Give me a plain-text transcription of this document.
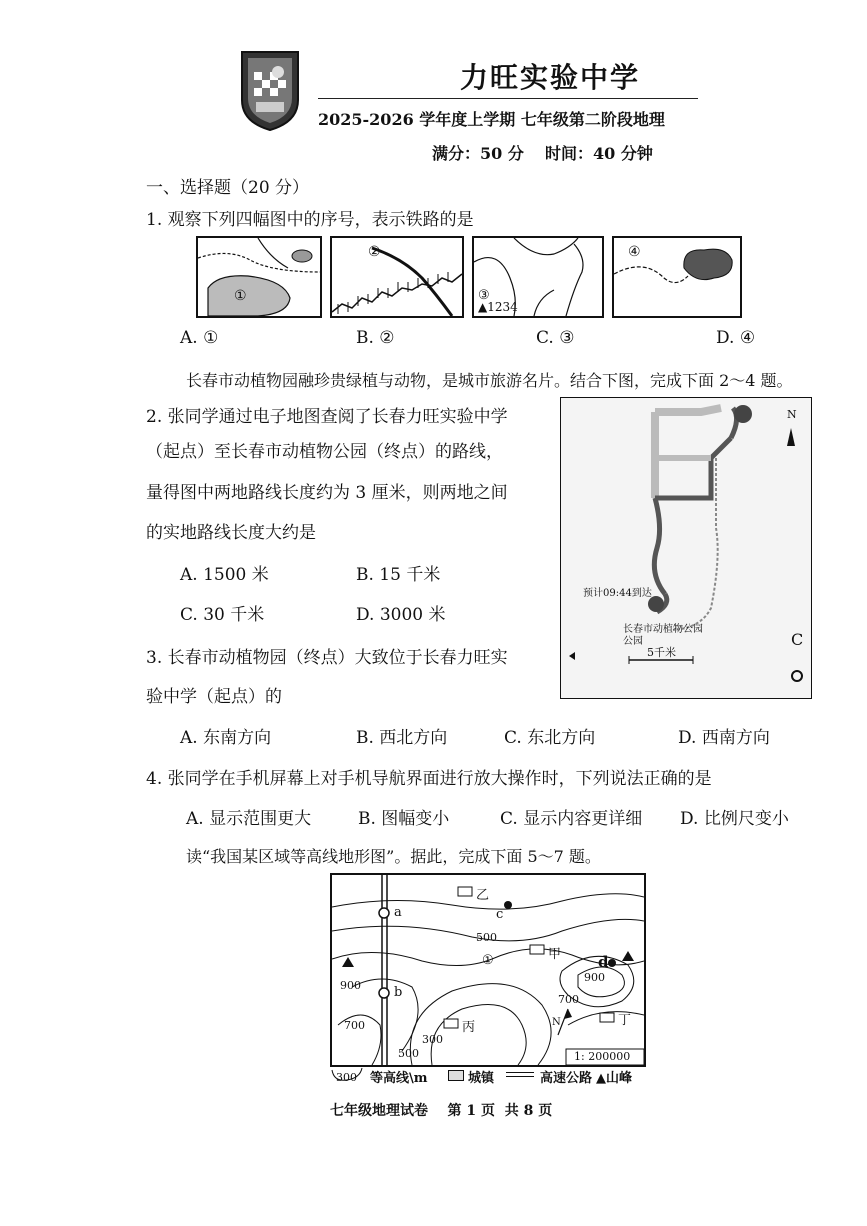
力旺实验中学
2025-2026 学年度上学期 七年级第二阶段地理
满分：50 分 时间：40 分钟
一、选择题（20 分）
1. 观察下列四幅图中的序号，表示铁路的是
①
②
③
▲1234
④
A. ①	B. ②	C. ③	D. ④
长春市动植物园融珍贵绿植与动物，是城市旅游名片。结合下图，完成下面 2～4 题。
2. 张同学通过电子地图查阅了长春力旺实验中学
（起点）至长春市动植物公园（终点）的路线，
量得图中两地路线长度约为 3 厘米，则两地之间
的实地路线长度大约是
A. 1500 米	B. 15 千米
C. 30 千米	D. 3000 米
N
预计09:44到达
长春市动植物公园
公园
5千米
C
3. 长春市动植物园（终点）大致位于长春力旺实
验中学（起点）的
A. 东南方向	B. 西北方向	C. 东北方向	D. 西南方向
4. 张同学在手机屏幕上对手机导航界面进行放大操作时，下列说法正确的是
A. 显示范围更大	B. 图幅变小	C. 显示内容更详细 D. 比例尺变小
读“我国某区域等高线地形图”。据此，完成下面 5～7 题。
乙
a	c
500
甲 d
①
900
900
b	700
700	丙	丁
N
300
500	1: 200000
300 等高线\m	城镇	高速公路 ▲山峰
七年级地理试卷    第 1 页  共 8 页
